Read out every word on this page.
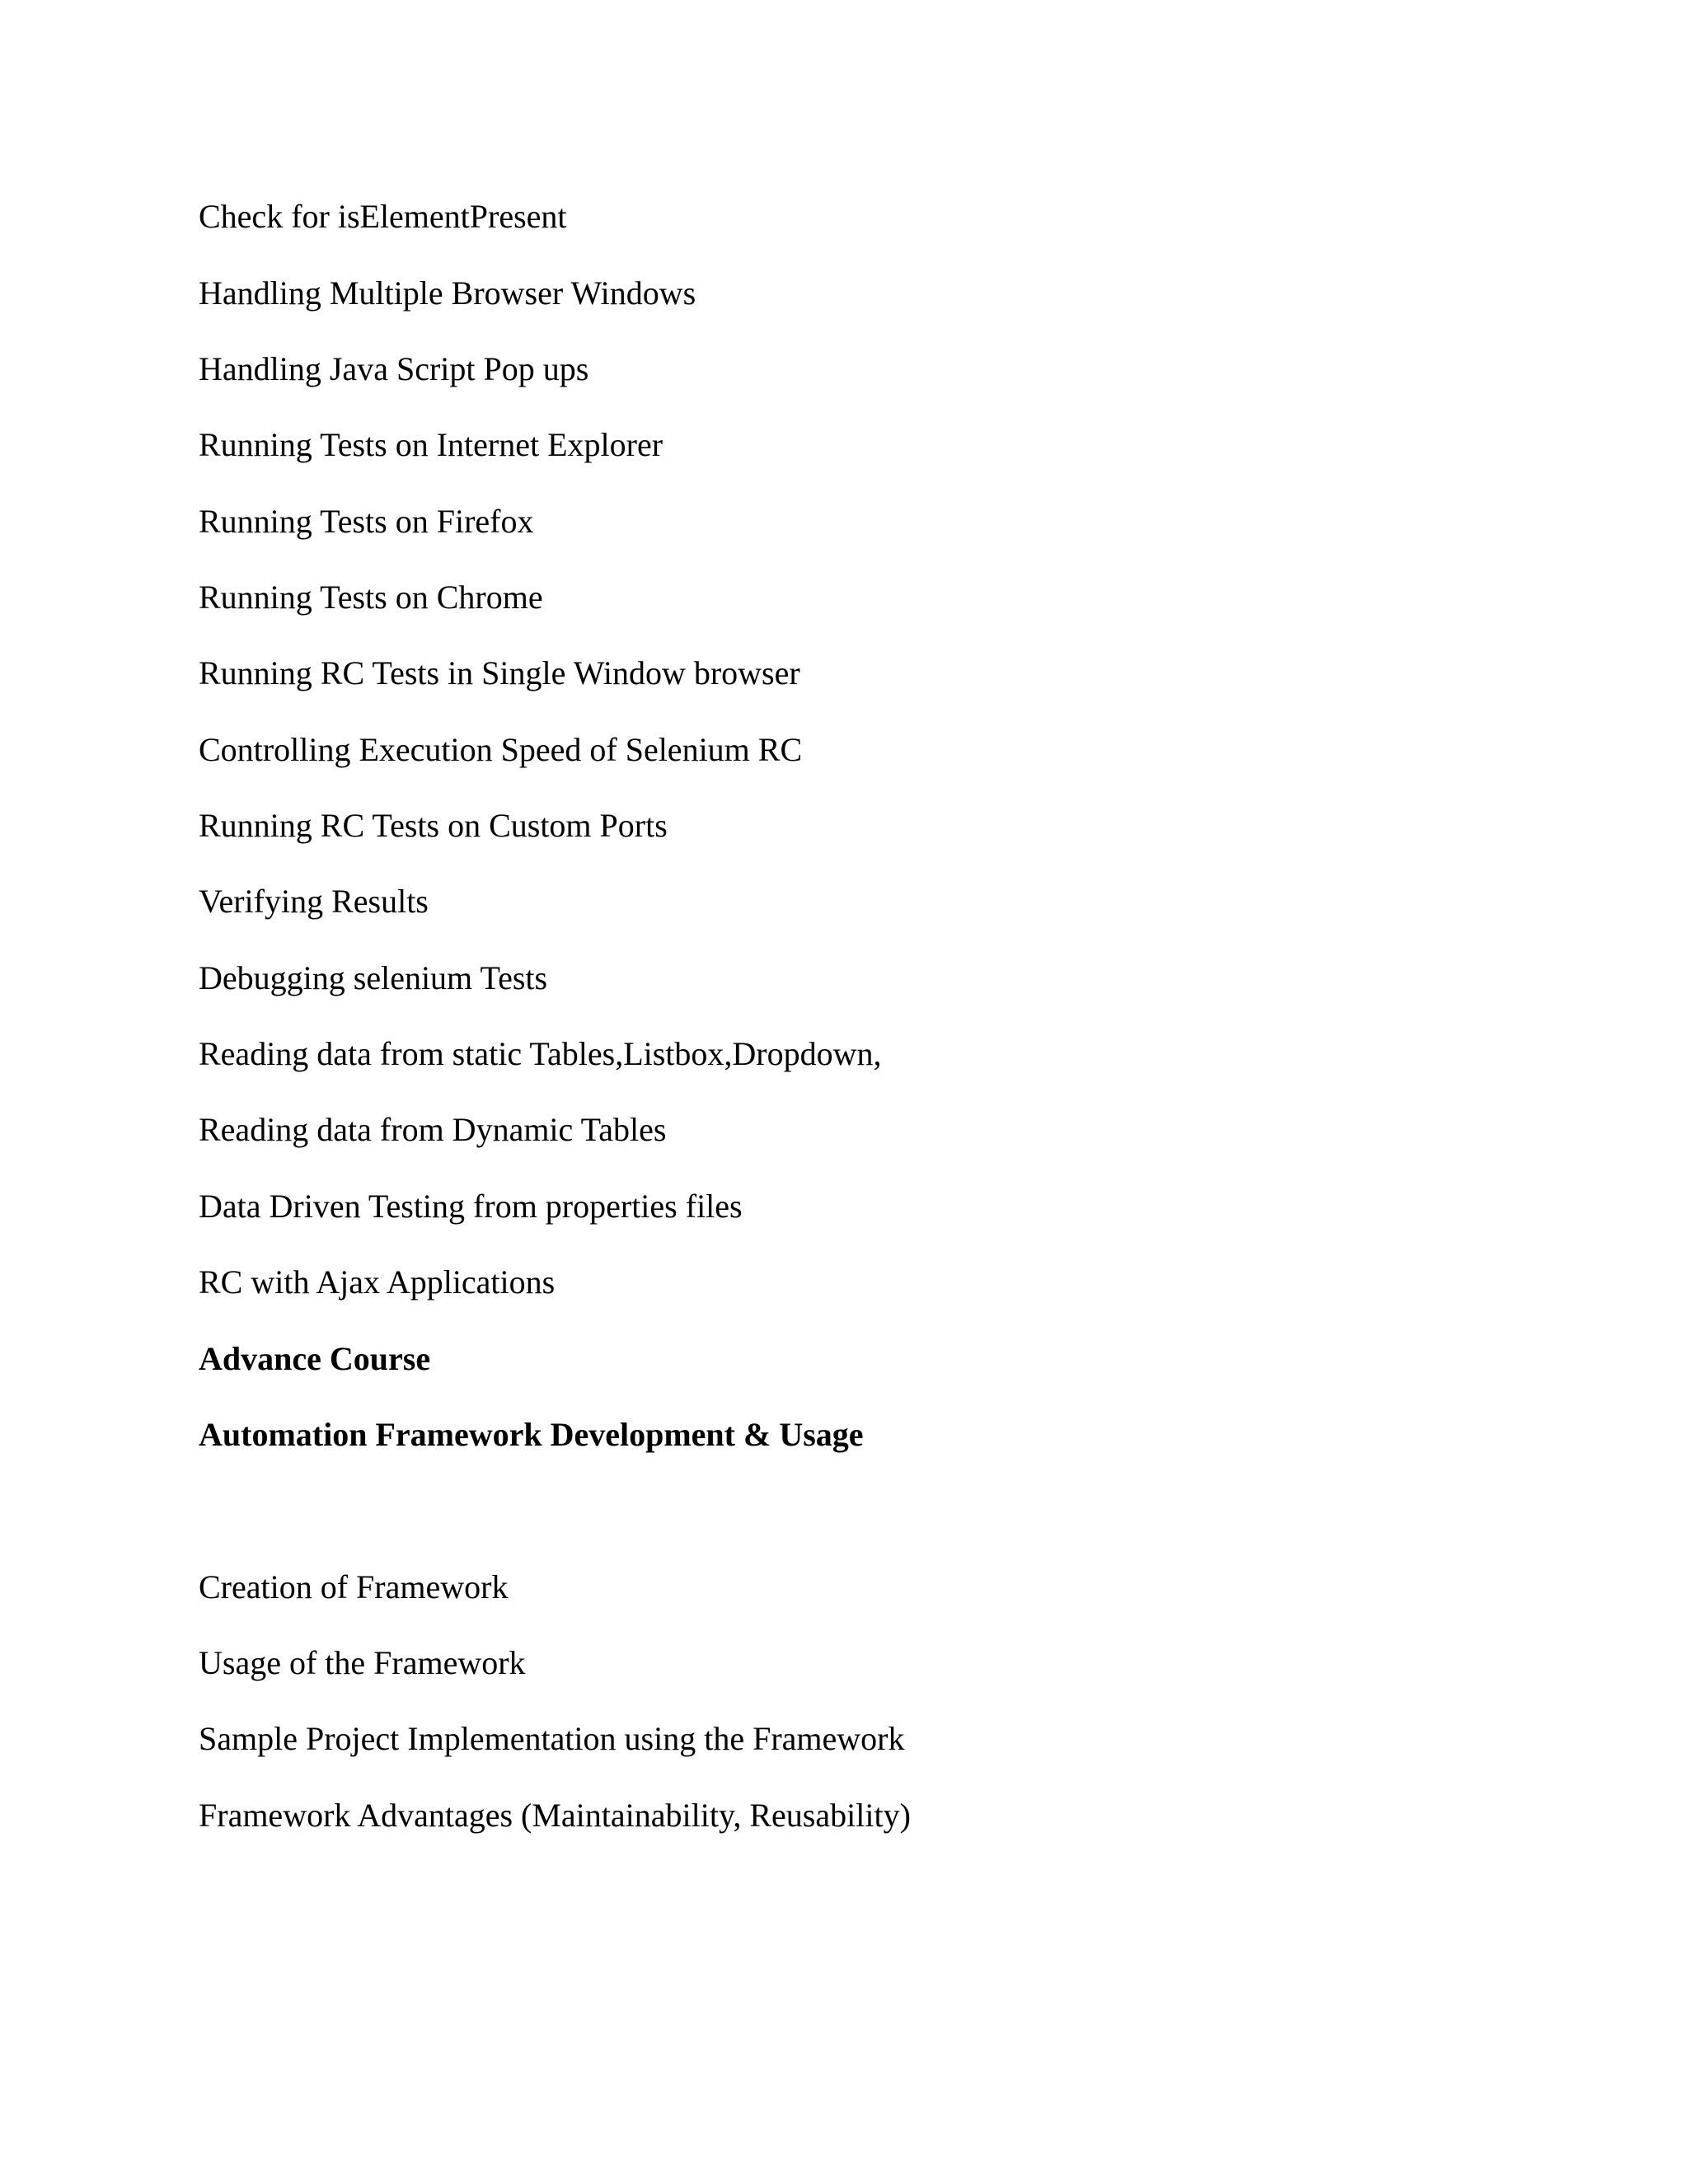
Check for isElementPresent

Handling Multiple Browser Windows

Handling Java Script Pop ups

Running Tests on Internet Explorer

Running Tests on Firefox

Running Tests on Chrome

Running RC Tests in Single Window browser

Controlling Execution Speed of Selenium RC

Running RC Tests on Custom Ports

Verifying Results

Debugging selenium Tests

Reading data from static Tables,Listbox,Dropdown,

Reading data from Dynamic Tables

Data Driven Testing from properties files

RC with Ajax Applications

Advance Course

Automation Framework Development & Usage

Creation of Framework

Usage of the Framework

Sample Project Implementation using the Framework

Framework Advantages (Maintainability, Reusability)
